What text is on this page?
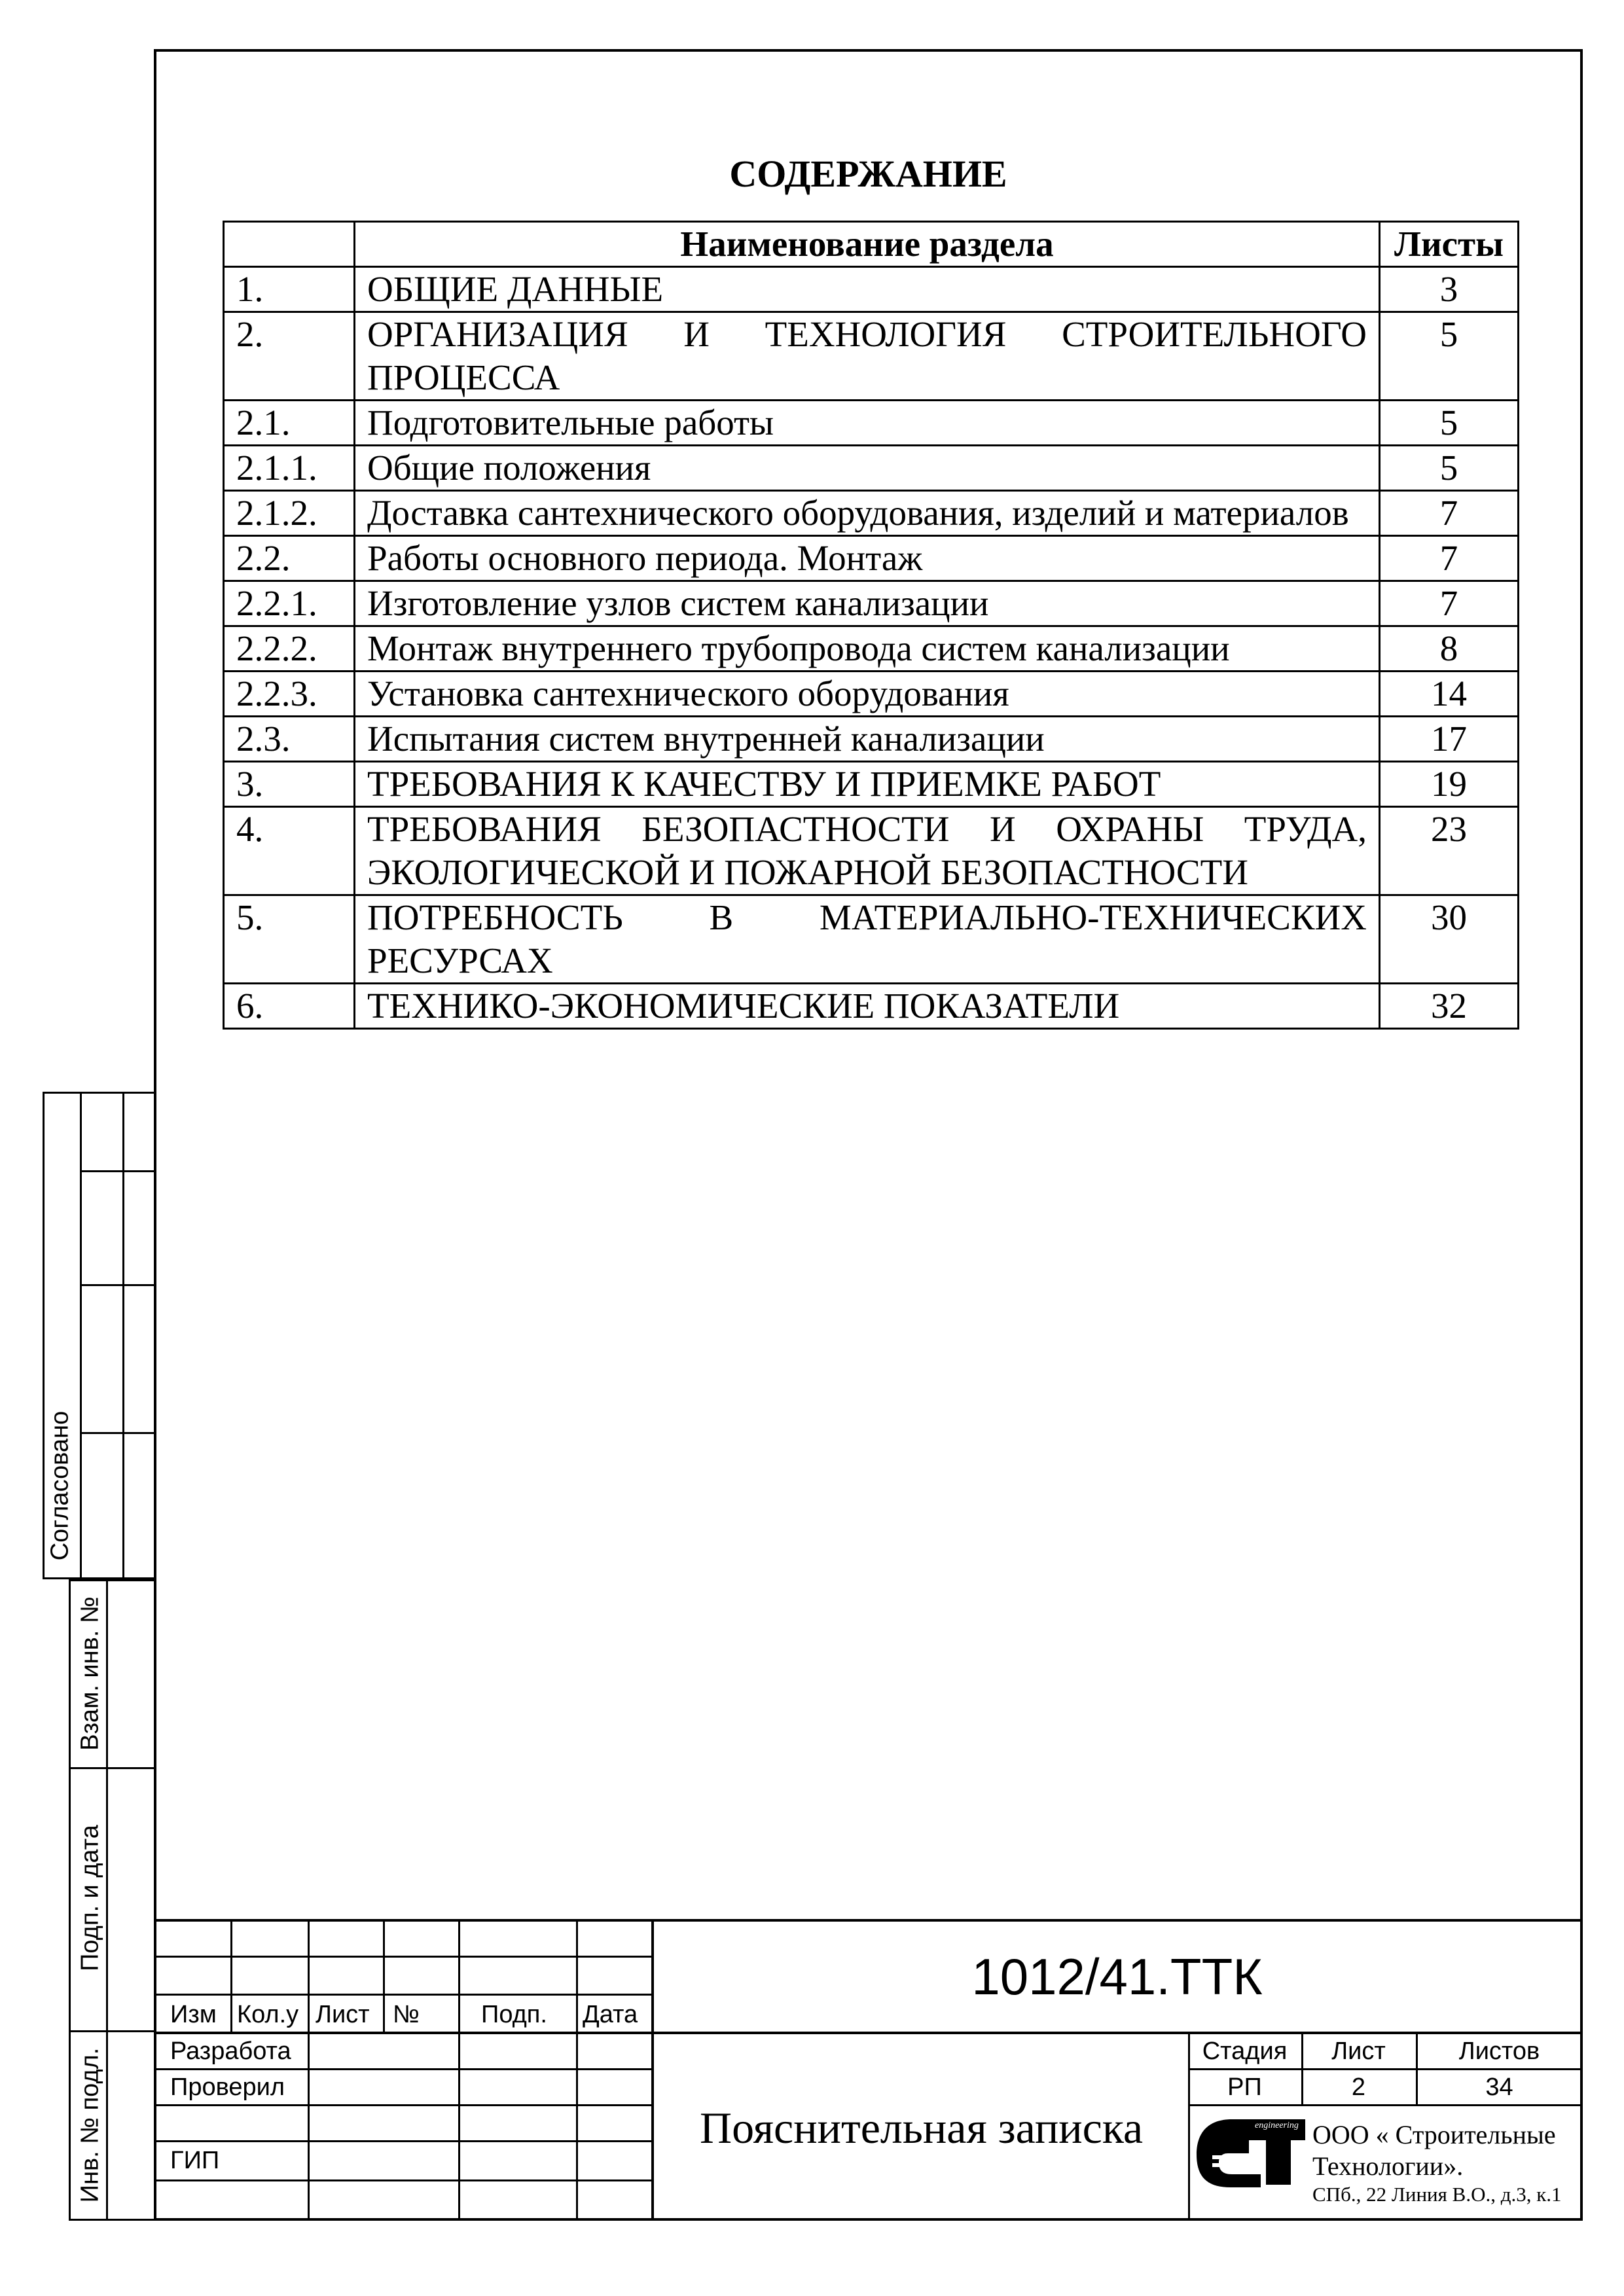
СОДЕРЖАНИЕ
	Наименование раздела	Листы
1.	ОБЩИЕ ДАННЫЕ	3
2.	ОРГАНИЗАЦИЯ И ТЕХНОЛОГИЯ СТРОИТЕЛЬНОГО ПРОЦЕССА	5
2.1.	Подготовительные работы	5
2.1.1.	Общие положения	5
2.1.2.	Доставка сантехнического оборудования, изделий и материалов	7
2.2.	Работы основного периода. Монтаж	7
2.2.1.	Изготовление узлов систем канализации	7
2.2.2.	Монтаж внутреннего трубопровода систем канализации	8
2.2.3.	Установка сантехнического оборудования	14
2.3.	Испытания систем внутренней канализации	17
3.	ТРЕБОВАНИЯ К КАЧЕСТВУ И ПРИЕМКЕ РАБОТ	19
4.	ТРЕБОВАНИЯ БЕЗОПАСТНОСТИ И ОХРАНЫ ТРУДА, ЭКОЛОГИЧЕСКОЙ И ПОЖАРНОЙ БЕЗОПАСТНОСТИ	23
5.	ПОТРЕБНОСТЬ В МАТЕРИАЛЬНО-ТЕХНИЧЕСКИХ РЕСУРСАХ	30
6.	ТЕХНИКО-ЭКОНОМИЧЕСКИЕ ПОКАЗАТЕЛИ	32
Согласовано
Взам. инв. №
Подп. и дата
Инв. № подл.
Изм Кол.у Лист № Подп. Дата
Разработа
Проверил
ГИП
1012/41.ТТК
Пояснительная записка
Стадия	Лист	Листов
РП	2	34
engineering ООО « Строительные Технологии».
СПб., 22 Линия В.О., д.3, к.1
